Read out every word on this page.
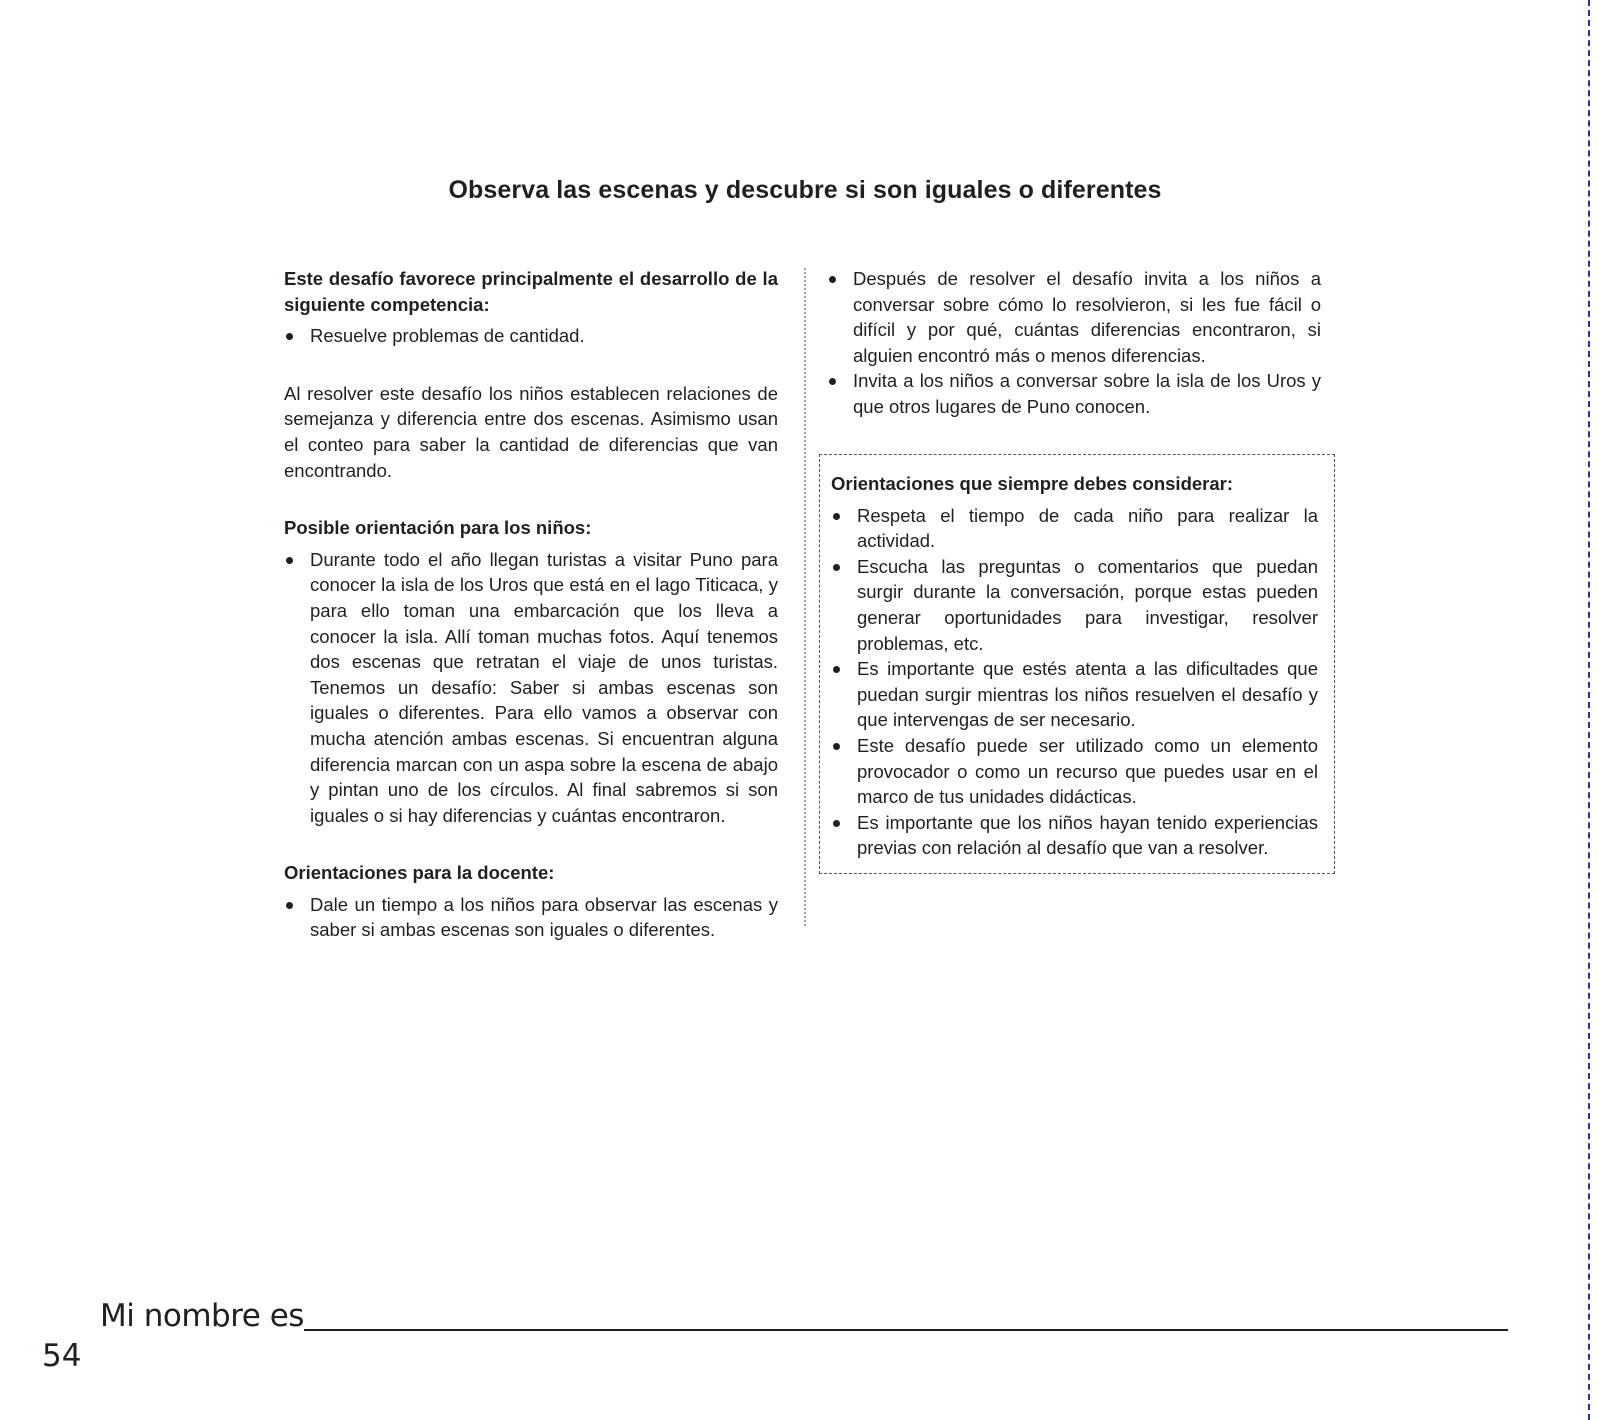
Observa las escenas y descubre si son iguales o diferentes

Este desafío favorece principalmente el desarrollo de la siguiente competencia:

Resuelve problemas de cantidad.

Al resolver este desafío los niños establecen relaciones de semejanza y diferencia entre dos escenas. Asimismo usan el conteo para saber la cantidad de diferencias que van encontrando.

Posible orientación para los niños:

Durante todo el año llegan turistas a visitar Puno para conocer la isla de los Uros que está en el lago Titicaca, y para ello toman una embarcación que los lleva a conocer la isla. Allí toman muchas fotos. Aquí tenemos dos escenas que retratan el viaje de unos turistas. Tenemos un desafío: Saber si ambas escenas son iguales o diferentes. Para ello vamos a observar con mucha atención ambas escenas. Si encuentran alguna diferencia marcan con un aspa sobre la escena de abajo y pintan uno de los círculos. Al final sabremos si son iguales o si hay diferencias y cuántas encontraron.

Orientaciones para la docente:

Dale un tiempo a los niños para observar las escenas y saber si ambas escenas son iguales o diferentes.
Después de resolver el desafío invita a los niños a conversar sobre cómo lo resolvieron, si les fue fácil o difícil y por qué, cuántas diferencias encontraron, si alguien encontró más o menos diferencias.
Invita a los niños a conversar sobre la isla de los Uros y que otros lugares de Puno conocen.

Orientaciones que siempre debes considerar:

Respeta el tiempo de cada niño para realizar la actividad.
Escucha las preguntas o comentarios que puedan surgir durante la conversación, porque estas pueden generar oportunidades para investigar, resolver problemas, etc.
Es importante que estés atenta a las dificultades que puedan surgir mientras los niños resuelven el desafío y que intervengas de ser necesario.
Este desafío puede ser utilizado como un elemento provocador o como un recurso que puedes usar en el marco de tus unidades didácticas.
Es importante que los niños hayan tenido experiencias previas con relación al desafío que van a resolver.
Mi nombre es
54
